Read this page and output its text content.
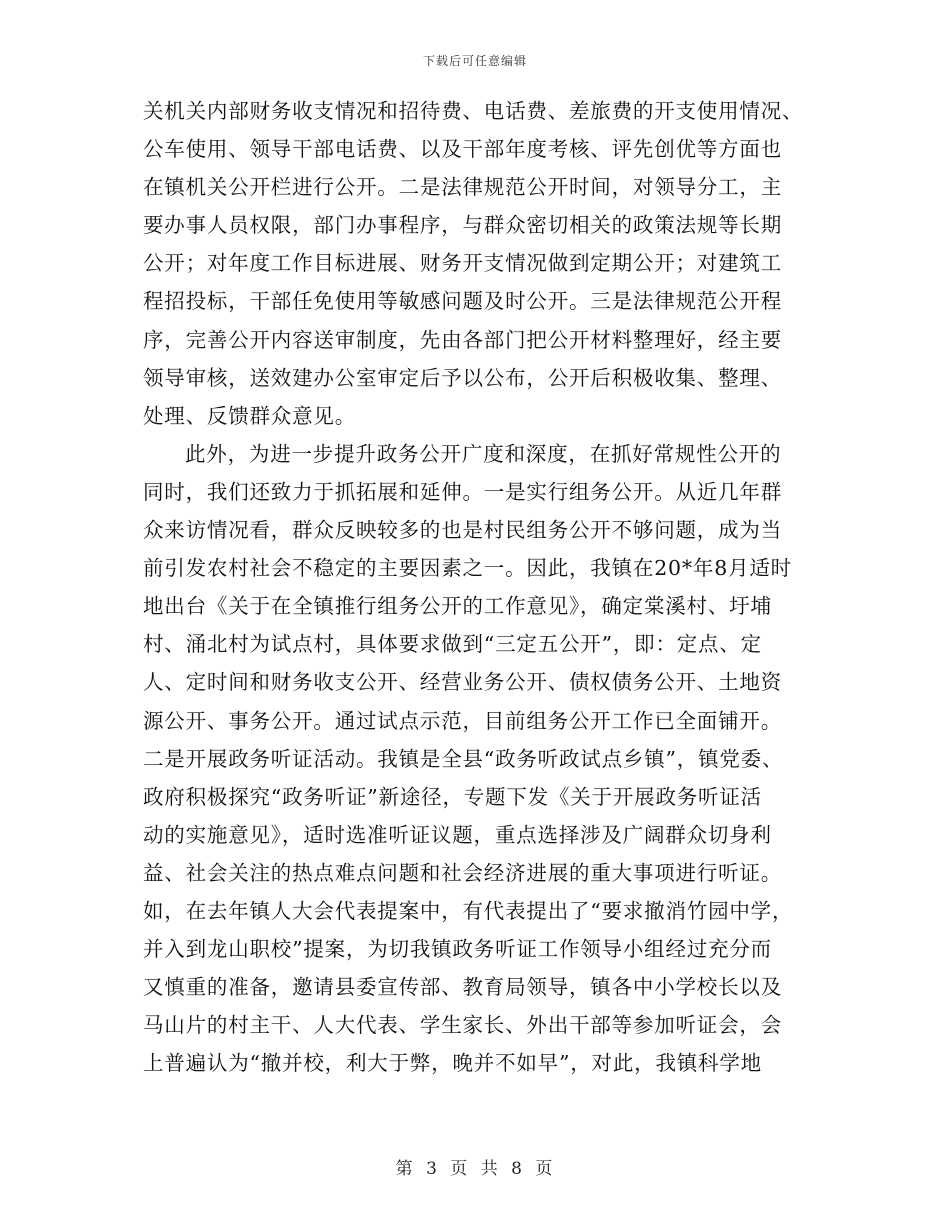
下载后可任意编辑
关机关内部财务收支情况和招待费、电话费、差旅费的开支使用情况、
公车使用、领导干部电话费、以及干部年度考核、评先创优等方面也
在镇机关公开栏进行公开。二是法律规范公开时间，对领导分工，主
要办事人员权限，部门办事程序，与群众密切相关的政策法规等长期
公开；对年度工作目标进展、财务开支情况做到定期公开；对建筑工
程招投标，干部任免使用等敏感问题及时公开。三是法律规范公开程
序，完善公开内容送审制度，先由各部门把公开材料整理好，经主要
领导审核，送效建办公室审定后予以公布，公开后积极收集、整理、
处理、反馈群众意见。
此外，为进一步提升政务公开广度和深度，在抓好常规性公开的
同时，我们还致力于抓拓展和延伸。一是实行组务公开。从近几年群
众来访情况看，群众反映较多的也是村民组务公开不够问题，成为当
前引发农村社会不稳定的主要因素之一。因此，我镇在20*年8月适时
地出台《关于在全镇推行组务公开的工作意见》，确定棠溪村、圩埔
村、涌北村为试点村，具体要求做到“三定五公开”，即：定点、定
人、定时间和财务收支公开、经营业务公开、债权债务公开、土地资
源公开、事务公开。通过试点示范，目前组务公开工作已全面铺开。
二是开展政务听证活动。我镇是全县“政务听政试点乡镇”，镇党委、
政府积极探究“政务听证”新途径，专题下发《关于开展政务听证活
动的实施意见》，适时选准听证议题，重点选择涉及广阔群众切身利
益、社会关注的热点难点问题和社会经济进展的重大事项进行听证。
如，在去年镇人大会代表提案中，有代表提出了“要求撤消竹园中学，
并入到龙山职校”提案，为切我镇政务听证工作领导小组经过充分而
又慎重的准备，邀请县委宣传部、教育局领导，镇各中小学校长以及
马山片的村主干、人大代表、学生家长、外出干部等参加听证会，会
上普遍认为“撤并校，利大于弊，晚并不如早”，对此，我镇科学地
第 3 页 共 8 页
